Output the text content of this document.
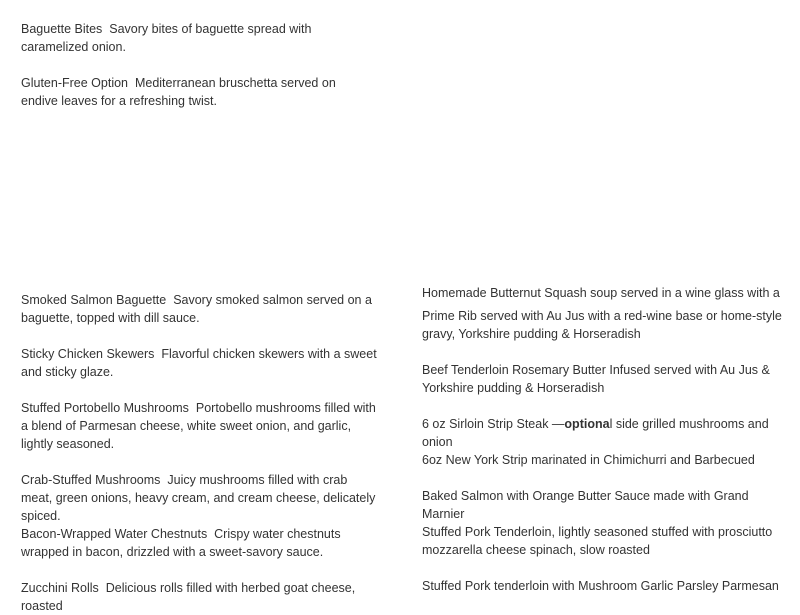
Baguette Bites Savory bites of baguette spread with caramelized onion.

Gluten-Free Option Mediterranean bruschetta served on endive leaves for a refreshing twist.

Smoked Salmon Baguette Savory smoked salmon served on a baguette, topped with dill sauce.

Sticky Chicken Skewers Flavorful chicken skewers with a sweet and sticky glaze.

Stuffed Portobello Mushrooms Portobello mushrooms filled with a blend of Parmesan cheese, white sweet onion, and garlic, lightly seasoned.

Crab-Stuffed Mushrooms Juicy mushrooms filled with crab meat, green onions, heavy cream, and cream cheese, delicately spiced.

Bacon-Wrapped Water Chestnuts Crispy water chestnuts wrapped in bacon, drizzled with a sweet-savory sauce.

Zucchini Rolls Delicious rolls filled with herbed goat cheese, roasted

Homemade Butternut Squash soup served in a wine glass with a

Prime Rib served with Au Jus with a red-wine base or home-style gravy, Yorkshire pudding & Horseradish

Beef Tenderloin Rosemary Butter Infused served with Au Jus & Yorkshire pudding & Horseradish

6 oz Sirloin Strip Steak —optional side grilled mushrooms and onion

6oz New York Strip marinated in Chimichurri and Barbecued

Baked Salmon with Orange Butter Sauce made with Grand Marnier

Stuffed Pork Tenderloin, lightly seasoned stuffed with prosciutto mozzarella cheese spinach, slow roasted

Stuffed Pork tenderloin with Mushroom Garlic Parsley Parmesan
